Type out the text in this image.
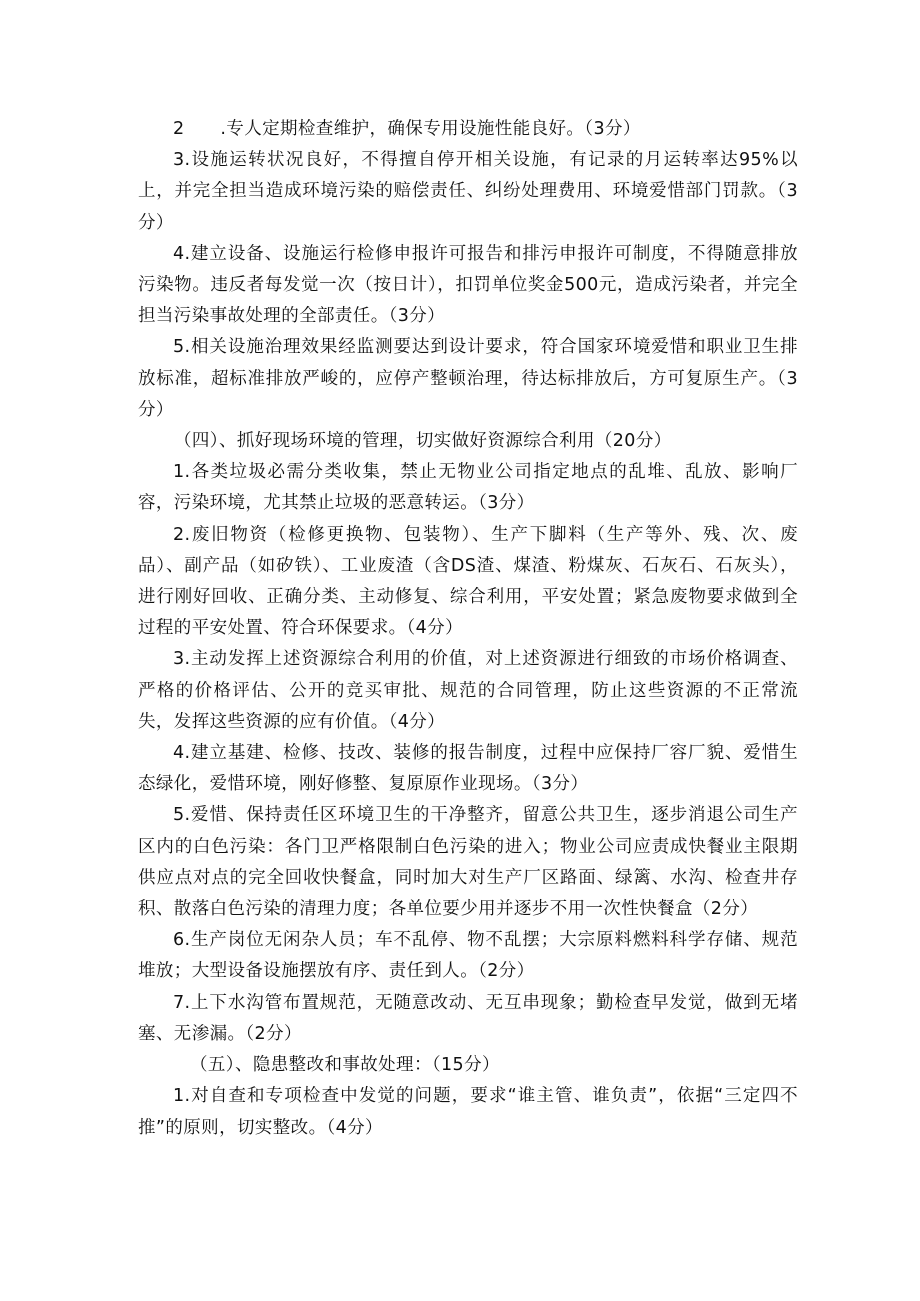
2　　.专人定期检查维护，确保专用设施性能良好。（3分）

3.设施运转状况良好，不得擅自停开相关设施，有记录的月运转率达95%以上，并完全担当造成环境污染的赔偿责任、纠纷处理费用、环境爱惜部门罚款。（3分）

4.建立设备、设施运行检修申报许可报告和排污申报许可制度，不得随意排放污染物。违反者每发觉一次（按日计），扣罚单位奖金500元，造成污染者，并完全担当污染事故处理的全部责任。（3分）

5.相关设施治理效果经监测要达到设计要求，符合国家环境爱惜和职业卫生排放标准，超标准排放严峻的，应停产整顿治理，待达标排放后，方可复原生产。（3分）

（四）、抓好现场环境的管理，切实做好资源综合利用（20分）

1.各类垃圾必需分类收集，禁止无物业公司指定地点的乱堆、乱放、影响厂容，污染环境，尤其禁止垃圾的恶意转运。（3分）

2.废旧物资（检修更换物、包装物）、生产下脚料（生产等外、残、次、废品）、副产品（如矽铁）、工业废渣（含DS渣、煤渣、粉煤灰、石灰石、石灰头），进行刚好回收、正确分类、主动修复、综合利用，平安处置；紧急废物要求做到全过程的平安处置、符合环保要求。（4分）

3.主动发挥上述资源综合利用的价值，对上述资源进行细致的市场价格调查、严格的价格评估、公开的竞买审批、规范的合同管理，防止这些资源的不正常流失，发挥这些资源的应有价值。（4分）

4.建立基建、检修、技改、装修的报告制度，过程中应保持厂容厂貌、爱惜生态绿化，爱惜环境，刚好修整、复原原作业现场。（3分）

5.爱惜、保持责任区环境卫生的干净整齐，留意公共卫生，逐步消退公司生产区内的白色污染：各门卫严格限制白色污染的进入；物业公司应责成快餐业主限期供应点对点的完全回收快餐盒，同时加大对生产厂区路面、绿篱、水沟、检查井存积、散落白色污染的清理力度；各单位要少用并逐步不用一次性快餐盒（2分）

6.生产岗位无闲杂人员；车不乱停、物不乱摆；大宗原料燃料科学存储、规范堆放；大型设备设施摆放有序、责任到人。（2分）

7.上下水沟管布置规范，无随意改动、无互串现象；勤检查早发觉，做到无堵塞、无渗漏。（2分）

（五）、隐患整改和事故处理：（15分）

1.对自查和专项检查中发觉的问题，要求“谁主管、谁负责”，依据“三定四不推”的原则，切实整改。（4分）
